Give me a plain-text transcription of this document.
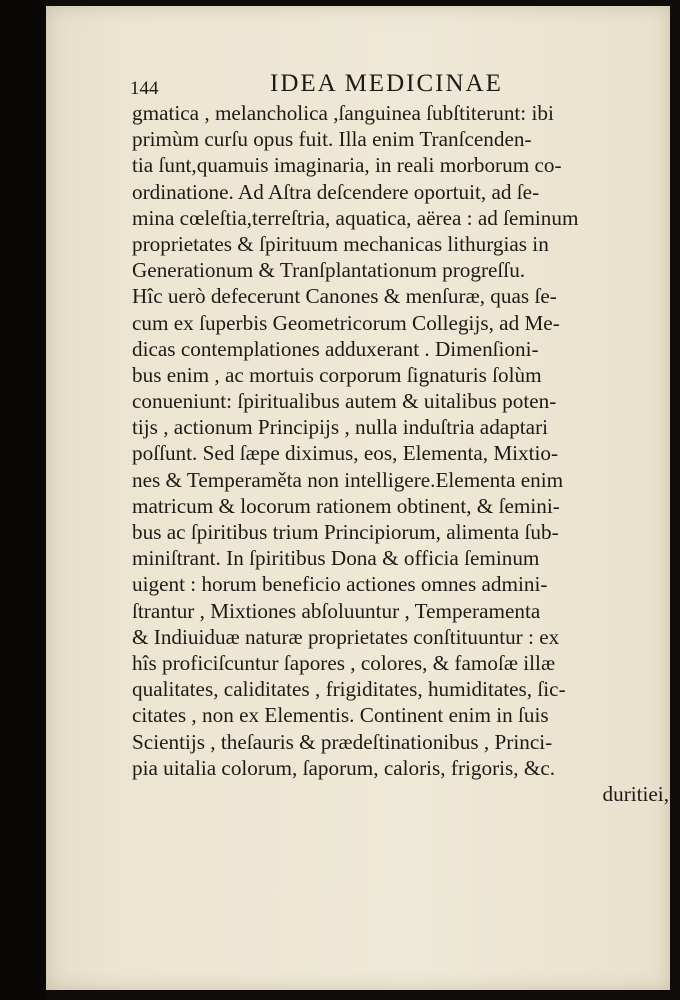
144	IDEA MEDICINAE
gmatica , melancholica ,ſanguinea ſubſtiterunt: ibi
primùm curſu opus fuit. Illa enim Tranſcenden-
tia ſunt,quamuis imaginaria, in reali morborum co-
ordinatione. Ad Aſtra deſcendere oportuit, ad ſe-
mina cœleſtia,terreſtria, aquatica, aërea : ad ſeminum
proprietates & ſpirituum mechanicas lithurgias in
Generationum & Tranſplantationum progreſſu.
Hîc uerò defecerunt Canones & menſuræ, quas ſe-
cum ex ſuperbis Geometricorum Collegijs, ad Me-
dicas contemplationes adduxerant . Dimenſioni-
bus enim , ac mortuis corporum ſignaturis ſolùm
conueniunt: ſpiritualibus autem & uitalibus poten-
tijs , actionum Principijs , nulla induſtria adaptari
poſſunt. Sed ſæpe diximus, eos, Elementa, Mixtio-
nes & Temperaměta non intelligere.Elementa enim
matricum & locorum rationem obtinent, & ſemini-
bus ac ſpiritibus trium Principiorum, alimenta ſub-
miniſtrant. In ſpiritibus Dona & officia ſeminum
uigent : horum beneficio actiones omnes admini-
ſtrantur , Mixtiones abſoluuntur , Temperamenta
& Indiuiduæ naturæ proprietates conſtituuntur : ex
hîs proficiſcuntur ſapores , colores, & famoſæ illæ
qualitates, caliditates , frigiditates, humiditates, ſic-
citates , non ex Elementis. Continent enim in ſuis
Scientijs , theſauris & prædeſtinationibus , Princi-
pia uitalia colorum, ſaporum, caloris, frigoris, &c.
duritiei,
